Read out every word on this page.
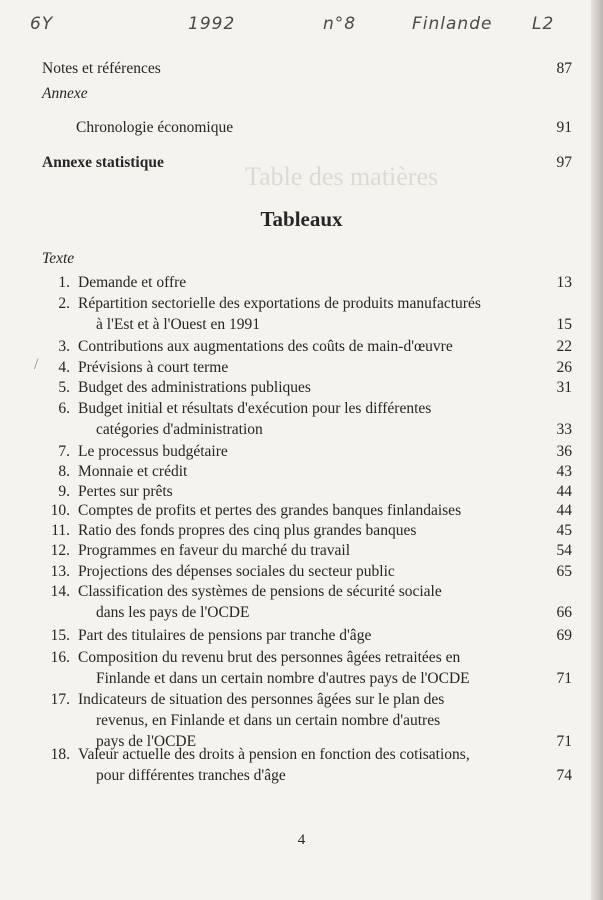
Table des matières
6Y	1992	n°8	Finlande L2
Notes et références	87
Annexe
Chronologie économique	91
Annexe statistique	97
Tableaux
Texte
1. Demande et offre	13
2. Répartition sectorielle des exportations de produits manufacturés
à l'Est et à l'Ouest en 1991	15
3. Contributions aux augmentations des coûts de main-d'œuvre	22
4. Prévisions à court terme	26
5. Budget des administrations publiques	31
6. Budget initial et résultats d'exécution pour les différentes
catégories d'administration	33
7. Le processus budgétaire	36
8. Monnaie et crédit	43
9. Pertes sur prêts	44
10. Comptes de profits et pertes des grandes banques finlandaises	44
11. Ratio des fonds propres des cinq plus grandes banques	45
12. Programmes en faveur du marché du travail	54
13. Projections des dépenses sociales du secteur public	65
14. Classification des systèmes de pensions de sécurité sociale
dans les pays de l'OCDE	66
15. Part des titulaires de pensions par tranche d'âge	69
16. Composition du revenu brut des personnes âgées retraitées en
Finlande et dans un certain nombre d'autres pays de l'OCDE	71
17. Indicateurs de situation des personnes âgées sur le plan des
revenus, en Finlande et dans un certain nombre d'autres
pays de l'OCDE	71
18. Valeur actuelle des droits à pension en fonction des cotisations,
pour différentes tranches d'âge	74
/
4
